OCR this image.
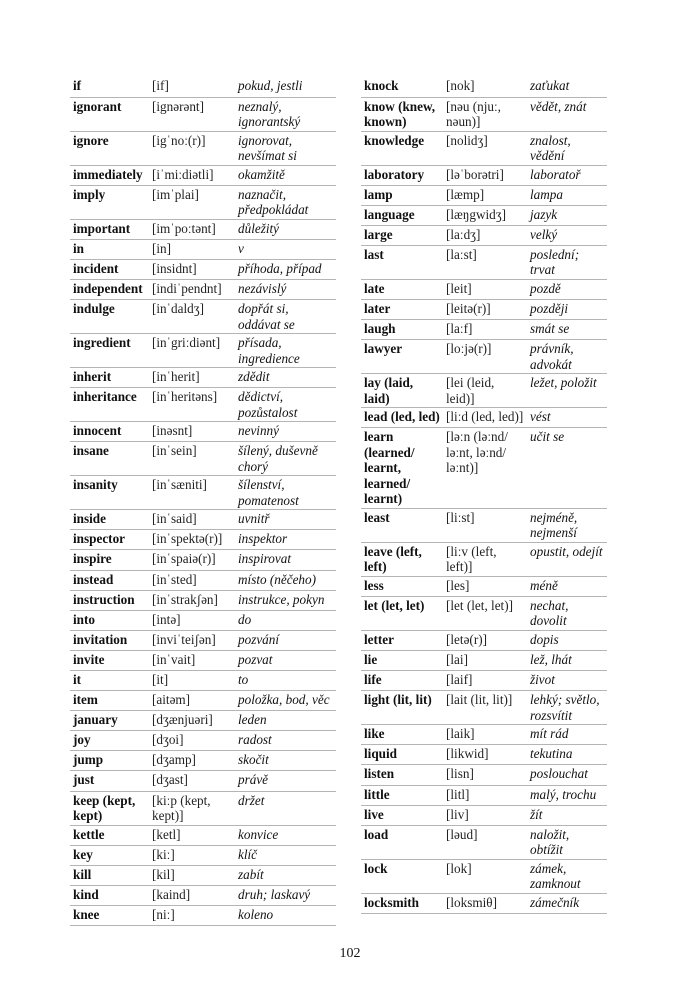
if	[if]	pokud, jestli
ignorant	[ignərənt]	neznalý, ignorantský
ignore	[igˈnoː(r)]	ignorovat, nevšímat si
immediately	[iˈmiːdiətli]	okamžitě
imply	[imˈplai]	naznačit, předpokládat
important	[imˈpoːtənt]	důležitý
in	[in]	v
incident	[insidnt]	příhoda, případ
independent	[indiˈpendnt]	nezávislý
indulge	[inˈdaldʒ]	dopřát si, oddávat se
ingredient	[inˈgriːdiənt]	přísada, ingredience
inherit	[inˈherit]	zdědit
inheritance	[inˈheritəns]	dědictví, pozůstalost
innocent	[inəsnt]	nevinný
insane	[inˈsein]	šílený, duševně chorý
insanity	[inˈsæniti]	šílenství, pomatenost
inside	[inˈsaid]	uvnitř
inspector	[inˈspektə(r)]	inspektor
inspire	[inˈspaiə(r)]	inspirovat
instead	[inˈsted]	místo (něčeho)
instruction	[inˈstrakʃən]	instrukce, pokyn
into	[intə]	do
invitation	[inviˈteiʃən]	pozvání
invite	[inˈvait]	pozvat
it	[it]	to
item	[aitəm]	položka, bod, věc
january	[dʒænjuəri]	leden
joy	[dʒoi]	radost
jump	[dʒamp]	skočit
just	[dʒast]	právě
keep (kept, kept)	[kiːp (kept, kept)]	držet
kettle	[ketl]	konvice
key	[kiː]	klíč
kill	[kil]	zabít
kind	[kaind]	druh; laskavý
knee	[niː]	koleno
knock	[nok]	zaťukat
know (knew, known)	[nəu (njuː, nəun)]	vědět, znát
knowledge	[nolidʒ]	znalost, vědění
laboratory	[ləˈborətri]	laboratoř
lamp	[læmp]	lampa
language	[læŋgwidʒ]	jazyk
large	[laːdʒ]	velký
last	[laːst]	poslední; trvat
late	[leit]	pozdě
later	[leitə(r)]	později
laugh	[laːf]	smát se
lawyer	[loːjə(r)]	právník, advokát
lay (laid, laid)	[lei (leid, leid)]	ležet, položit
lead (led, led)	[liːd (led, led)]	vést
learn (learned/ learnt, learned/ learnt)	[ləːn (ləːnd/ ləːnt, ləːnd/ ləːnt)]	učit se
least	[liːst]	nejméně, nejmenší
leave (left, left)	[liːv (left, left)]	opustit, odejít
less	[les]	méně
let (let, let)	[let (let, let)]	nechat, dovolit
letter	[letə(r)]	dopis
lie	[lai]	lež, lhát
life	[laif]	život
light (lit, lit)	[lait (lit, lit)]	lehký; světlo, rozsvítit
like	[laik]	mít rád
liquid	[likwid]	tekutina
listen	[lisn]	poslouchat
little	[litl]	malý, trochu
live	[liv]	žít
load	[ləud]	naložit, obtížit
lock	[lok]	zámek, zamknout
locksmith	[loksmiθ]	zámečník
102
